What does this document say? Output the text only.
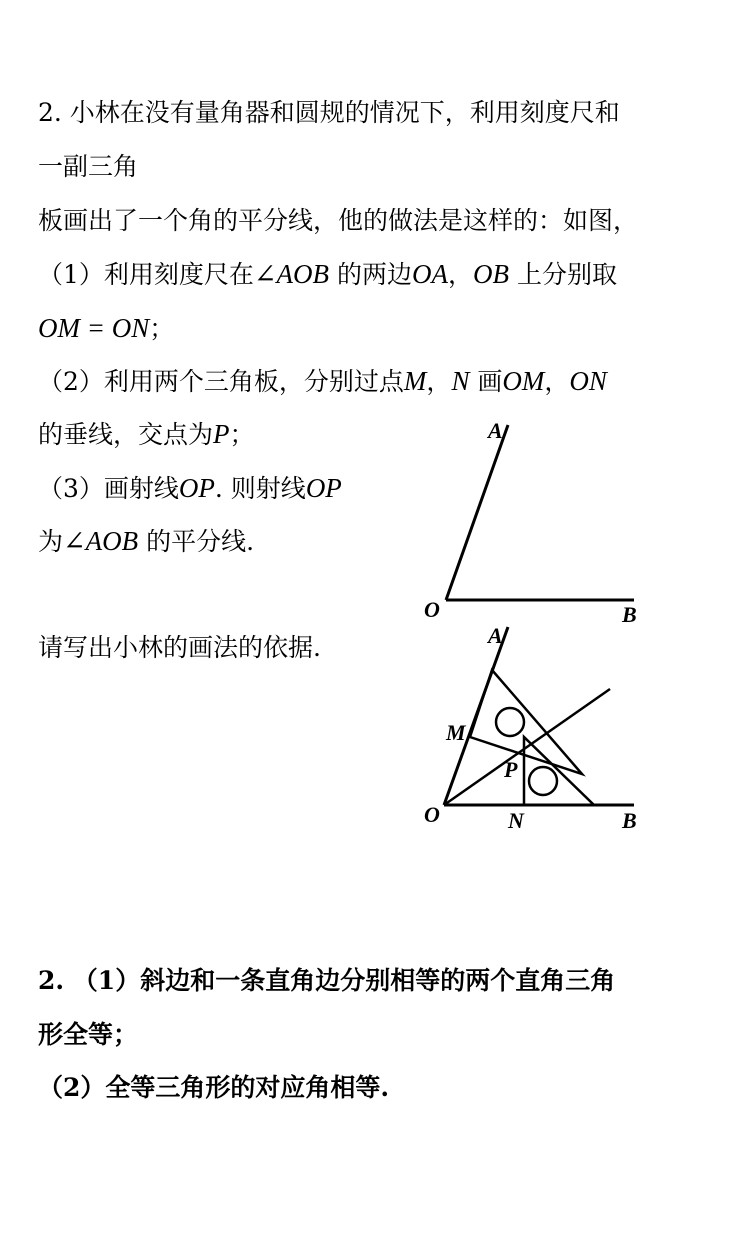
2. 小林在没有量角器和圆规的情况下，利用刻度尺和
一副三角
板画出了一个角的平分线，他的做法是这样的：如图，
（1）利用刻度尺在∠AOB 的两边OA，OB 上分别取
OM = ON；
（2）利用两个三角板，分别过点M，N 画OM，ON
的垂线，交点为P；
（3）画射线OP. 则射线OP
为∠AOB 的平分线.
请写出小林的画法的依据.
A
O	B
A
M
P
O	N	B
2. （1）斜边和一条直角边分别相等的两个直角三角
形全等；
（2）全等三角形的对应角相等.
